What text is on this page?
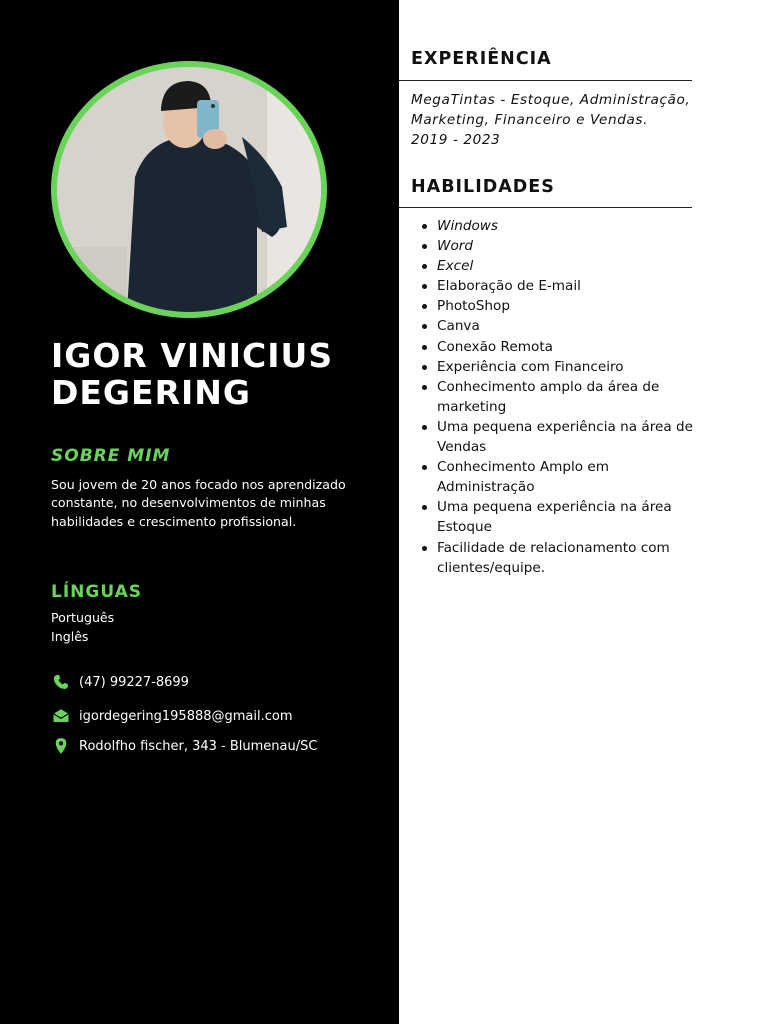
IGOR VINICIUS
DEGERING
SOBRE MIM
Sou jovem de 20 anos focado nos aprendizado constante, no desenvolvimentos de minhas habilidades e crescimento profissional.
LÍNGUAS
Português
Inglês
(47) 99227-8699
igordegering195888@gmail.com
Rodolfho fischer, 343 - Blumenau/SC
EXPERIÊNCIA
MegaTintas - Estoque, Administração,
Marketing, Financeiro e Vendas.
2019 - 2023
HABILIDADES
Windows
Word
Excel
Elaboração de E-mail
PhotoShop
Canva
Conexão Remota
Experiência com Financeiro
Conhecimento amplo da área de marketing
Uma pequena experiência na área de Vendas
Conhecimento Amplo em Administração
Uma pequena experiência na área Estoque
Facilidade de relacionamento com clientes/equipe.
